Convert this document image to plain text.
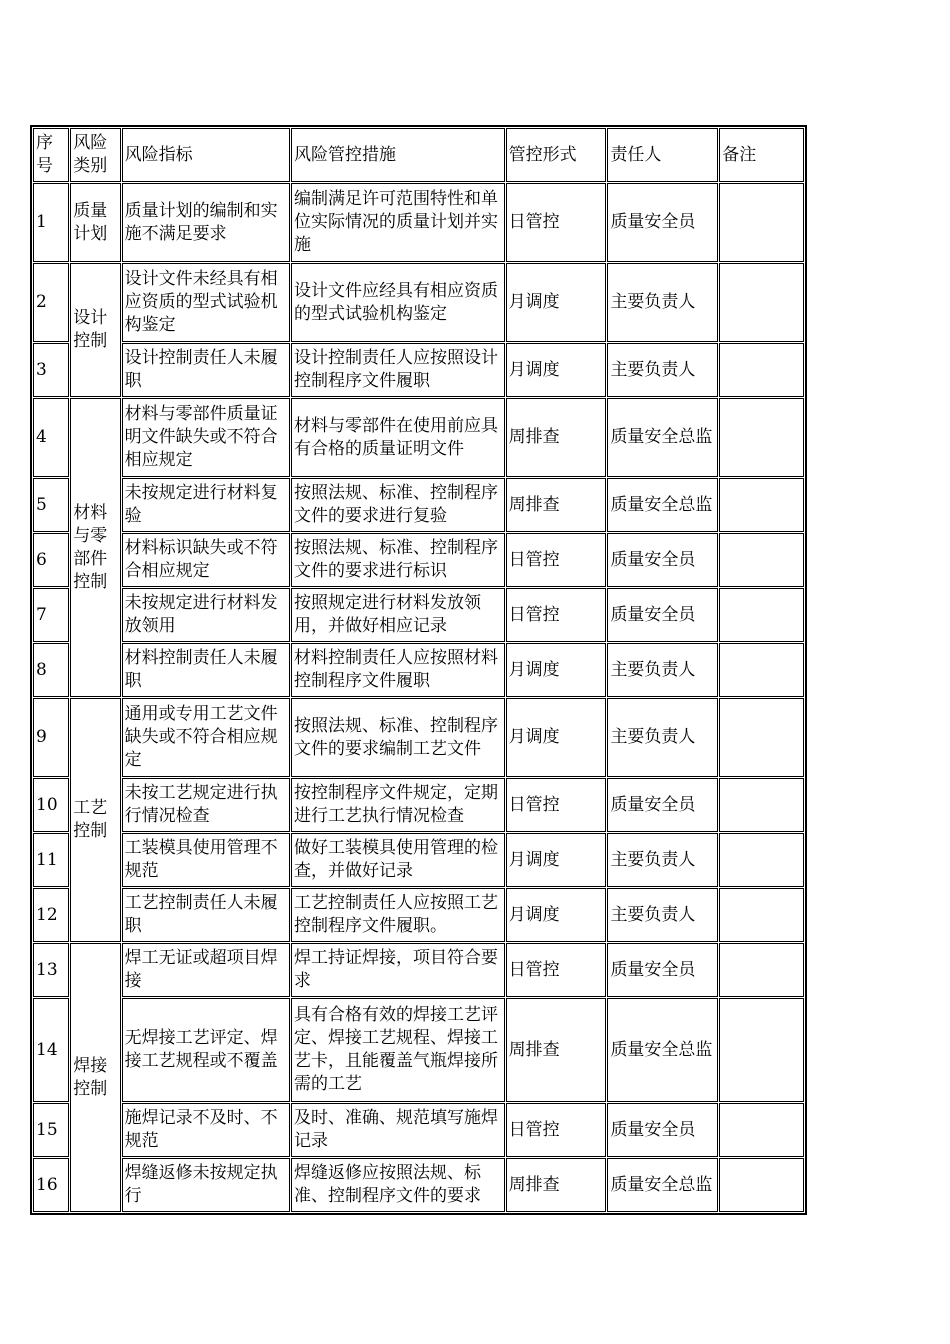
序号	风险类别	风险指标	风险管控措施	管控形式	责任人	备注
1	质量计划	质量计划的编制和实施不满足要求	编制满足许可范围特性和单位实际情况的质量计划并实施	日管控	质量安全员	
2	设计控制	设计文件未经具有相应资质的型式试验机构鉴定	设计文件应经具有相应资质的型式试验机构鉴定	月调度	主要负责人	
3		设计控制责任人未履职	设计控制责任人应按照设计控制程序文件履职	月调度	主要负责人	
4	材料与零部件控制	材料与零部件质量证明文件缺失或不符合相应规定	材料与零部件在使用前应具有合格的质量证明文件	周排查	质量安全总监	
5		未按规定进行材料复验	按照法规、标准、控制程序文件的要求进行复验	周排查	质量安全总监	
6		材料标识缺失或不符合相应规定	按照法规、标准、控制程序文件的要求进行标识	日管控	质量安全员	
7		未按规定进行材料发放领用	按照规定进行材料发放领用，并做好相应记录	日管控	质量安全员	
8		材料控制责任人未履职	材料控制责任人应按照材料控制程序文件履职	月调度	主要负责人	
9	工艺控制	通用或专用工艺文件缺失或不符合相应规定	按照法规、标准、控制程序文件的要求编制工艺文件	月调度	主要负责人	
10		未按工艺规定进行执行情况检查	按控制程序文件规定，定期进行工艺执行情况检查	日管控	质量安全员	
11		工装模具使用管理不规范	做好工装模具使用管理的检查，并做好记录	月调度	主要负责人	
12		工艺控制责任人未履职	工艺控制责任人应按照工艺控制程序文件履职。	月调度	主要负责人	
13	焊接控制	焊工无证或超项目焊接	焊工持证焊接，项目符合要求	日管控	质量安全员	
14		无焊接工艺评定、焊接工艺规程或不覆盖	具有合格有效的焊接工艺评定、焊接工艺规程、焊接工艺卡，且能覆盖气瓶焊接所需的工艺	周排查	质量安全总监	
15		施焊记录不及时、不规范	及时、准确、规范填写施焊记录	日管控	质量安全员	
16		焊缝返修未按规定执行	焊缝返修应按照法规、标准、控制程序文件的要求	周排查	质量安全总监	
